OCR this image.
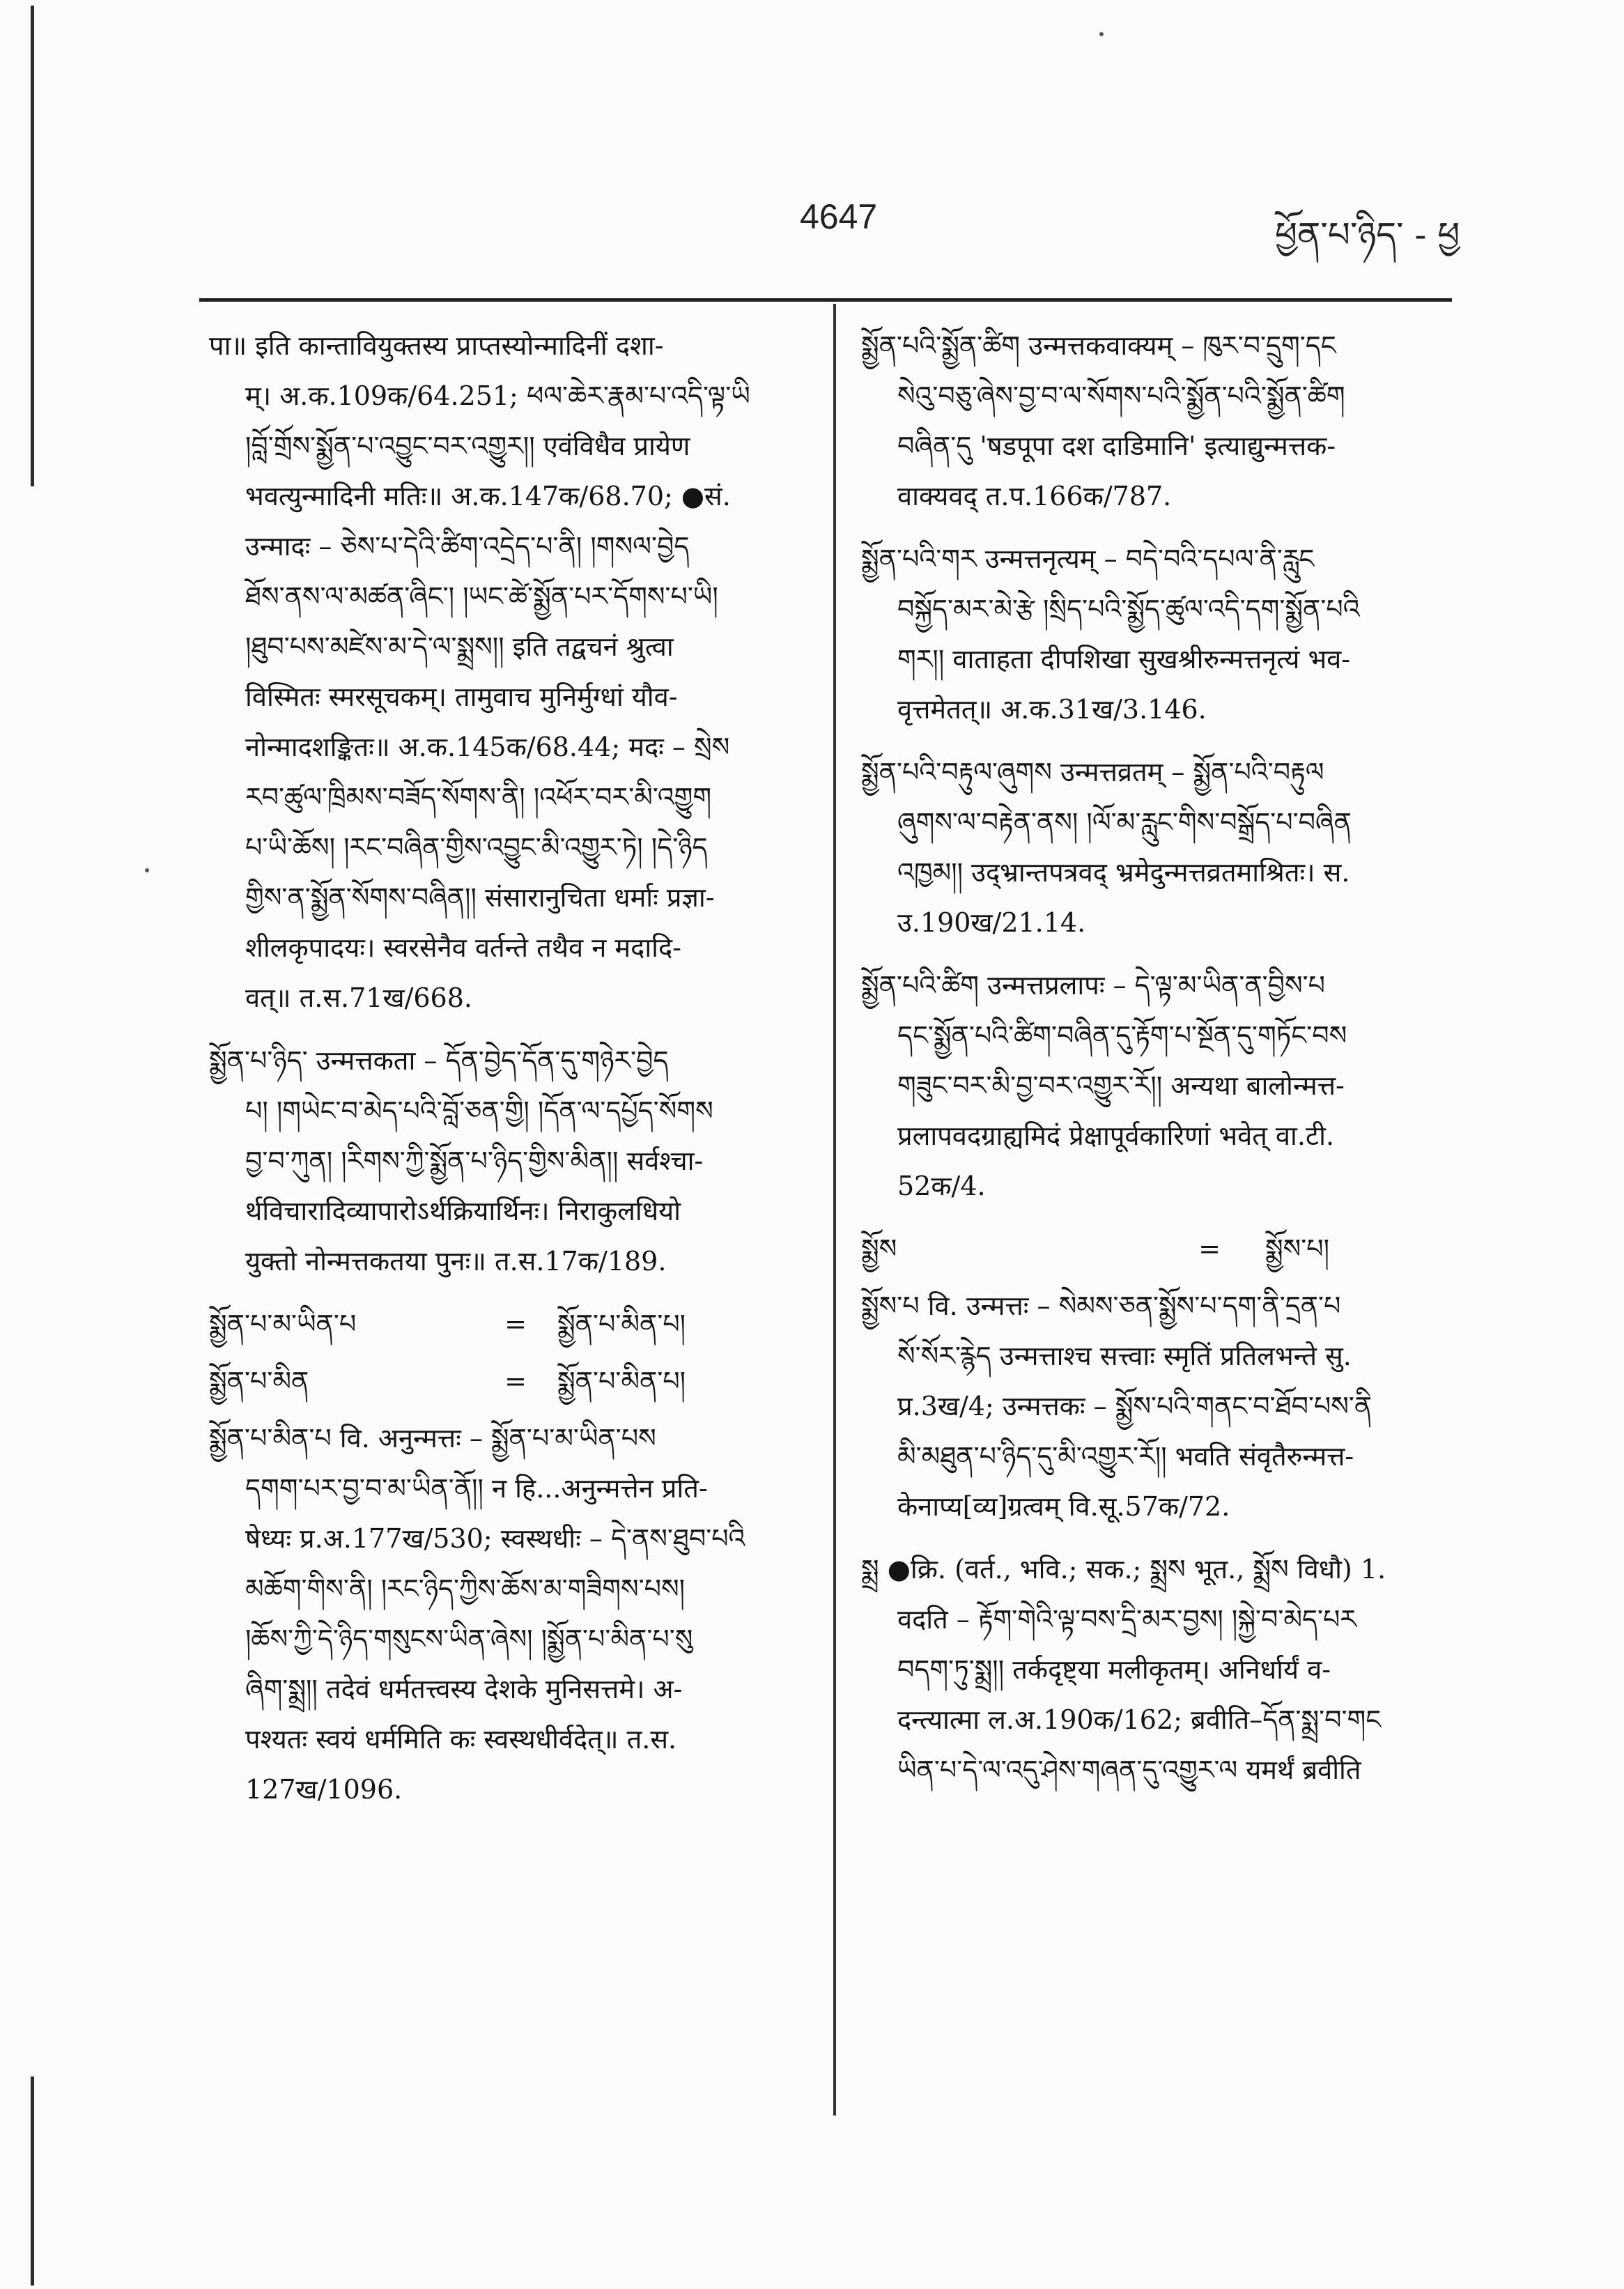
4647	ཕྱོན་པ་ཉིད་ - ཕྱ
पा॥ इति कान्तावियुक्तस्य प्राप्तस्योन्मादिनीं दशा-
म्। अ.क.109क/64.251; ཕལ་ཆེར་རྣམ་པ་འདི་ལྟ་ཡི
།བློ་གྲོས་སྨྱོན་པ་འབྱུང་བར་འགྱུར།། एवंविधैव प्रायेण
भवत्युन्मादिनी मतिः॥ अ.क.147क/68.70; ●सं.
उन्मादः – ཅེས་པ་དེའི་ཚིག་འདྲེད་པ་ནི། །གསལ་བྱེད
ཐོས་ནས་ལ་མཚན་ཞིང་། །ཡང་ཚེ་སྨྱོན་པར་དོགས་པ་ཡི།
།ཐུབ་པས་མཛེས་མ་དེ་ལ་སྨྲས།། इति तद्वचनं श्रुत्वा
विस्मितः स्मरसूचकम्। तामुवाच मुनिर्मुग्धां यौव-
नोन्मादशङ्कितः॥ अ.क.145क/68.44; मदः – སྲེས
རབ་ཚུལ་ཁྲིམས་བཟོད་སོགས་ནི། །འཕོར་བར་མི་འགྱུག
པ་ཡི་ཆོས། །རང་བཞིན་གྱིས་འབྱུང་མི་འགྱུར་ཏེ། །དེ་ཉིད
གྱིས་ན་སྨྱོན་སོགས་བཞིན།། संसारानुचिता धर्माः प्रज्ञा-
शीलकृपादयः। स्वरसेनैव वर्तन्ते तथैव न मदादि-
वत्॥ त.स.71ख/668.
སྨྱོན་པ་ཉིད་ उन्मत्तकता – དོན་བྱེད་དོན་དུ་གཉེར་བྱེད
པ། །གཡེང་བ་མེད་པའི་བློ་ཅན་གྱི། །དོན་ལ་དཔྱོད་སོགས
བྱ་བ་ཀུན། །རིགས་ཀྱི་སྨྱོན་པ་ཉིད་གྱིས་མིན།། सर्वश्चा-
र्थविचारादिव्यापारोऽर्थक्रियार्थिनः। निराकुलधियो
युक्तो नोन्मत्तकतया पुनः॥ त.स.17क/189.
སྨྱོན་པ་མ་ཡིན་པ	=	སྨྱོན་པ་མིན་པ།
སྨྱོན་པ་མིན	=	སྨྱོན་པ་མིན་པ།
སྨྱོན་པ་མིན་པ वि. अनुन्मत्तः – སྨྱོན་པ་མ་ཡིན་པས
དགག་པར་བྱ་བ་མ་ཡིན་ནོ།། न हि...अनुन्मत्तेन प्रति-
षेध्यः प्र.अ.177ख/530; स्वस्थधीः – དེ་ནས་ཐུབ་པའི
མཆོག་གིས་ནི། །རང་ཉིད་ཀྱིས་ཆོས་མ་གཟིགས་པས།
།ཆོས་ཀྱི་དེ་ཉིད་གསུངས་ཡིན་ཞེས། །སྨྱོན་པ་མིན་པ་སུ
ཞིག་སྨྲ།། तदेवं धर्मतत्त्वस्य देशके मुनिसत्तमे। अ-
पश्यतः स्वयं धर्ममिति कः स्वस्थधीर्वदेत्॥ त.स.
127ख/1096.
སྨྱོན་པའི་སྨྱོན་ཚིག उन्मत्तकवाक्यम् – ཁུར་བ་དྲུག་དང
སེའུ་བཅུ་ཞེས་བྱ་བ་ལ་སོགས་པའི་སྨྱོན་པའི་སྨྱོན་ཚིག
བཞིན་དུ 'षडपूपा दश दाडिमानि' इत्याद्युन्मत्तक-
वाक्यवद् त.प.166क/787.
སྨྱོན་པའི་གར उन्मत्तनृत्यम् – བདེ་བའི་དཔལ་ནི་རླུང
བསྐྱོད་མར་མེ་རྩེ །སྲིད་པའི་སྨྱོད་ཚུལ་འདི་དག་སྨྱོན་པའི
གར།། वाताहता दीपशिखा सुखश्रीरुन्मत्तनृत्यं भव-
वृत्तमेतत्॥ अ.क.31ख/3.146.
སྨྱོན་པའི་བརྟུལ་ཞུགས उन्मत्तव्रतम् – སྨྱོན་པའི་བརྟུལ
ཞུགས་ལ་བརྟེན་ནས། །ལོ་མ་རླུང་གིས་བསྒྲོད་པ་བཞིན
འཁྱམ།། उद्भ्रान्तपत्रवद् भ्रमेदुन्मत्तव्रतमाश्रितः। स.
उ.190ख/21.14.
སྨྱོན་པའི་ཚིག उन्मत्तप्रलापः – དེ་ལྟ་མ་ཡིན་ན་བྱིས་པ
དང་སྨྱོན་པའི་ཚིག་བཞིན་དུ་རྟོག་པ་སྔོན་དུ་གཏོང་བས
གཟུང་བར་མི་བྱ་བར་འགྱུར་རོ།། अन्यथा बालोन्मत्त-
प्रलापवदग्राह्यमिदं प्रेक्षापूर्वकारिणां भवेत् वा.टी.
52क/4.
སྨྱོས	=	སྨྱོས་པ།
སྨྱོས་པ वि. उन्मत्तः – སེམས་ཅན་སྨྱོས་པ་དག་ནི་དྲན་པ
སོ་སོར་རྙེད उन्मत्ताश्च सत्त्वाः स्मृतिं प्रतिलभन्ते सु.
प्र.3ख/4; उन्मत्तकः – སྨྱོས་པའི་གནང་བ་ཐོབ་པས་ནི
མི་མཐུན་པ་ཉིད་དུ་མི་འགྱུར་རོ།། भवति संवृतैरुन्मत्त-
केनाप्य[व्य]ग्रत्वम् वि.सू.57क/72.
སྨྲ ●क्रि. (वर्त., भवि.; सक.; སྨྲས भूत., སྨྲོས विधौ) 1.
वदति – རྟོག་གེའི་ལྟ་བས་དྲི་མར་བྱས། །སྐྱེ་བ་མེད་པར
བདག་ཏུ་སྨྲ།། तर्कदृष्ट्या मलीकृतम्। अनिर्धार्यं व-
दन्त्यात्मा ल.अ.190क/162; ब्रवीति–དོན་སྨྲ་བ་གང
ཡིན་པ་དེ་ལ་འདུ་ཤེས་གཞན་དུ་འགྱུར་ལ यमर्थं ब्रवीति
